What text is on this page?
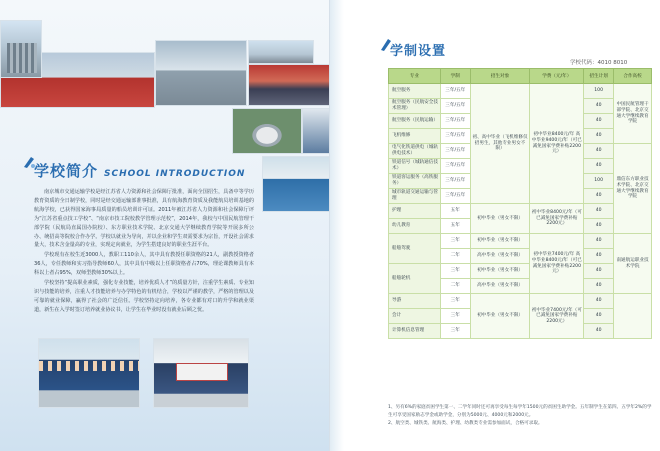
学校简介 SCHOOL INTRODUCTION

南京城市交通运输学校是经江苏省人力资源和社会保障厅批准，面向全国招生，具备中等学历教育资质的全日制学校，同时是经交通运输部准事批准，具有航海教育资质及我能航员培训基地的航海学校，已获得国家海事局质量的船员培训许可证。2011年被江苏省人力资源和社会保障厅评为“江苏省重点技工学校”、“南京市技工院校教学管理示范校”，2014年，我校与中国民航管理干部学院（民航局直属国办院校）、东方职业技术学院、北京交通大学继续教育学院等开展多所公办、统招高等院校合作办学。学校以就业为导向，并以企业和学生双需要求为宗旨，开设社会需求量大，技术含金量高的专业，实现定向就业，为学生搭建良好的职业生涯平台。

学校现有在校生近3000人，教职工110余人，其中具有教授任职资格的21人，副教授资格者36人，专任教师和实习指导教师60人，其中具有中级以上任职资格者占70%，理论课教师具有本科以上者占95%，双师型教师30%以上。

学校坚持“提高职业素质，强化专业技能，培养优质人才”的质量方针，注重学生素质、专业知识与技能的培养，注重人才技能培养与办学特色的有机结合，学校以严谨的教学，严格的管理以及可靠的就业保障，赢得了社会的广泛信任。学校坚持定向培养，各专业都有对口的升学和就业渠道，新生在入学时签订培养就业协议书，让学生在毕业时没有就业后顾之忧。

学制设置
学校代码：4010 8010
专业	学制	招生对象	学费（元/年）	招生计划	合作高校
航空服务	三年/五年	初、高中毕业（飞机维修仅招男生，其他专业男女不限）	初中毕业8400元/年 高中毕业9400元/年（可已减免国家学费补贴2200元）	100	中国民航管理干部学院、北京交通大学继续教育学院
航空服务（民航安全技术管理）	三年/五年			40	
航空服务（民航运输）	三年/五年			40	
飞机维修	三年/五年			40	
电气化铁道供电（城轨供电技术）	三年/五年			40	鼎信东方职业技术学院、北京交通大学继续教育学院
铁道信号（城轨通信技术）	三年/五年			40	
铁道客运服务（高铁服务）	三年/五年			100	
城市轨道交通运输与管理	三年/五年			40	
护理	五年	初中毕业（男女不限）	初中毕业8400元/年（可已减免国家学费补贴2200元）	40	
幼儿教育	五年			40	
船舶驾驶	三年	初中毕业（男女不限）	初中毕业7400元/年 高中毕业8400元/年（可已减免国家学费补贴2200元）	40	南通航运职业技术学院
	二年	高中毕业（男女不限）		40	
船舶轮机	三年	初中毕业（男女不限）		40	
	二年	高中毕业（男女不限）		40	
导游	三年	初中毕业（男女不限）	初中毕业7400元/年（可已减免国家学费补贴2200元）	40	
会计	三年			40	
计算机信息管理	三年			40	
1、另有6%的家庭贫困学生第一、二学年同时还可再享受每生每学年1500元的贫困生助学金。五年制学生在第四、五学年2%的学生可享受国家励志学金或助学金，分别为5000元、4000元和2000元。
2、航空类、城铁类、航海类、护理、幼教类专业需参加面试，合格可录取。
